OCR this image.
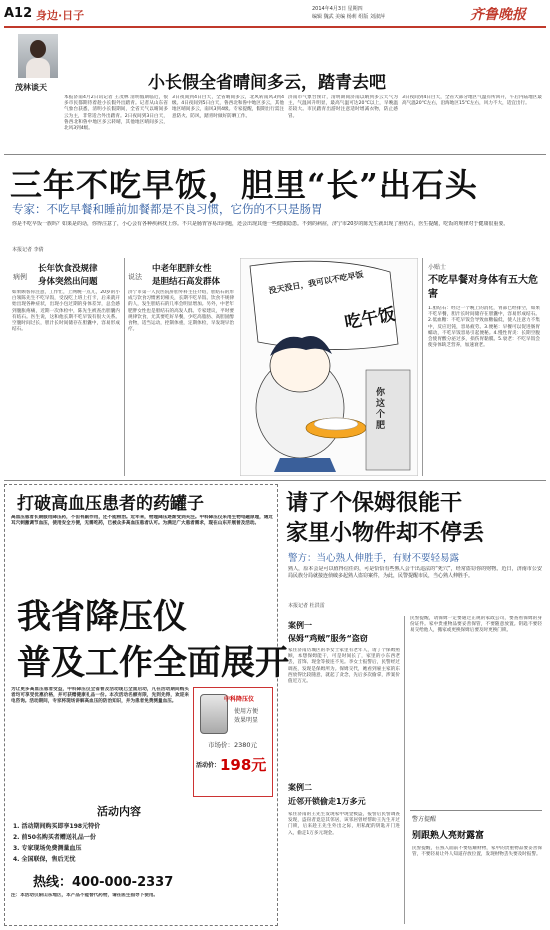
A12 身边·日子	2014年4月3日 星期四
编辑 魏武 美编 杨莉 组版 刘淑萍	齐鲁晚报
茂林谈天	小长假全省晴间多云，踏青去吧
本报济南4月2日讯记者 王茂林 清明假期临近，很多市民都期待着趁小长假外出踏青。记者从山东省气象台获悉，清明小长假期间，全省天气以晴间多云为主，非常适合外出踏青。2日夜间到3日白天，鲁西北和鲁中地区多云转晴，其他地区晴间多云，北风3到4级。
3日夜间到4日白天，全省晴间多云，北风转南风3到4级。4日夜间到5日白天，鲁西北和鲁中地区多云，其他地区晴间多云，南风3到4级。专家提醒，假期出行需注意防火、防风，踏青时做好防晒工作。
济南市气象台预计，清明期间济南以晴到多云天气为主，气温回升明显，最高气温可达20℃以上，早晚温差较大。市民踏青出游时注意适时增减衣物，防止感冒。
3日夜间到4日白天，全省大部分地区气温有所回升，午后内陆地区最高气温20℃左右，沿海地区15℃左右，风力不大，适宜出行。
三年不吃早饭，胆里“长”出石头
专家：不吃早餐和睡前加餐都是不良习惯，它伤的不只是肠胃
你是不吃早饭一族吗？如果是的话，你得注意了，小心会有各种疾病找上你。不只是肠胃容易出问题，还会出现其他一些健康隐患。不到的病症，济宁市20岁的陈先生就出现了胆结石，医生提醒，吃饭的规律对于健康很重要。
本报记者 李倩
病例
长年饮食没规律
身体突然出问题
如果顾客你注意，工作忙，上网晚一点儿，20岁的小白领陈先生不吃早饭，受没吃上班上打卡，后来就开始出现各种症状，出现小包过期的身体差异，总会感到腹胀疼痛，近期一次体检中，陈先生被查出胆囊内有结石。医生说，这和他长期不吃早饭有很大关系。空腹时间过长，胆汁长时间储存在胆囊中，容易形成结石。
说法
中老年肥胖女性
是胆结石高发群体
济宁市第一人民医院肝胆外科主任介绍，胆结石的形成与饮食习惯密切相关，长期不吃早饭、饮食不规律的人，发生胆结石的几率会明显增加。另外，中老年肥胖女性也是胆结石的高发人群。专家建议，平时要规律饮食，尤其要吃好早餐，少吃高脂肪、高胆固醇食物，适当运动，控制体重，定期体检，早发现早治疗。
没天没日，我可以不吃早饭
吃午饭
你这个肥
小贴士
不吃早餐对身体有五大危害
1.胆结石：经过一个晚上的消化，胃部已经排空，如果不吃早餐，胆汁长时间储存在胆囊中，容易形成结石。2.低血糖：不吃早饭会导致血糖偏低，使人注意力不集中，反应迟钝，容易疲劳。3.便秘：早餐可以促进肠胃蠕动，不吃早饭容易引起便秘。4.慢性胃炎：长期空腹会使胃酸分泌过多，损伤胃黏膜。5.衰老：不吃早饭会使身体缺乏营养，加速衰老。
打破高血压患者的药罐子
高血压患者长期服用降压药，不但有副作用，还不能根治。近年来，物理降压逐渐受到关注。中科降压仪采用生物电磁原理，通过耳穴刺激调节血压，使用安全方便，无需吃药，已被众多高血压患者认可。为满足广大患者需求，现在山东开展普及活动。
我省降压仪
普及工作全面展开
为让更多高血压患者受益，中科降压仪全省普及活动现已全面启动，凡在活动期间购买者均可享受优惠价格，并可获赠健康礼品一份。本次活动名额有限，先到先得，欢迎来电咨询。活动期间，专家将现场讲解高血压的防治知识，并为患者免费测量血压。	中科降压仪
使用方便
效果明显
市场价：2380元
活动价： 198元
活动内容
1. 活动期间购买即享198元特价
2. 前50名购买者赠送礼品一份
3. 专家现场免费测量血压
4. 全国联保，售后无忧
热线：400-000-2337
注：本活动仅限山东地区，本产品不能替代药物，请在医生指导下使用。
请了个保姆很能干
家里小物件却不停丢
警方：当心熟人伸胜手，有财不要轻易露
熟人，原本会是可以值得信任的，可是恰恰有些熟人会干出违法的“死穴”，经常盗窃你的财物。近日，济南市公安局民族分局就接连侦破多起熟人盗窃案件，为此，民警提醒市民，当心熟人伸胜手。
本报记者 杜洪雷
案例一
保姆“鸡贼”服务“盗窃
家住济南历城区的李女士家里有老年人，请了个保姆照顾，本想保姆能干，可是时间长了，家里的小东西老丢，首饰、现金等接连不见。李女士报警后，民警经过调查，发现是保姆所为。保姆交代，她看到雇主家的东西放得比较随意，就起了贪念，先后多次偷拿，涉案价值近万元。
案例二
近邻开锁偷走1万多元
家住济南的王先生发现家中现金被盗，报警后民警调查发现，盗窃者竟是其邻居，该邻居曾经帮助王先生开过门锁，后来趁王先生外出之际，用私配的钥匙开门进入，偷走1万多元现金。
民警提醒，请保姆一定要通过正规的家政公司，要查看保姆的身份证件。家中贵重物品要妥善保管，不要随意放置。钥匙不要轻易交给他人，搬家或更换保姆后要及时更换门锁。
警方提醒
别跟熟人亮财露富
民警提醒，在熟人面前不要炫耀财物，家中的贵重物品要妥善保管，不要轻易让外人知道存放位置，发现财物丢失要及时报警。
